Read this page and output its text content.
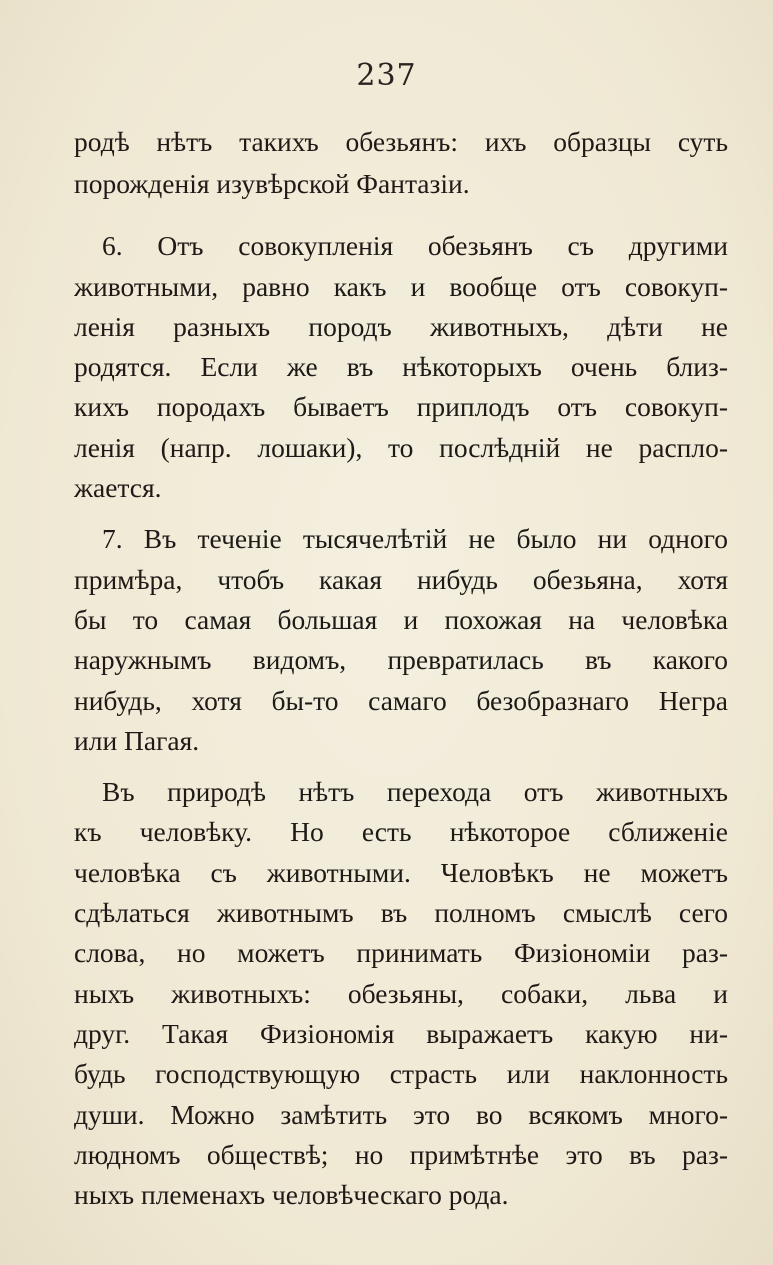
237
родѣ нѣтъ такихъ обезьянъ: ихъ образцы суть
порожденія изувѣрской Фантазіи.
6. Отъ совокупленія обезьянъ съ другими
животными, равно какъ и вообще отъ совокуп-
ленія разныхъ породъ животныхъ, дѣти не
родятся. Если же въ нѣкоторыхъ очень близ-
кихъ породахъ бываетъ приплодъ отъ совокуп-
ленія (напр. лошаки), то послѣдній не распло-
жается.
7. Въ теченіе тысячелѣтій не было ни одного
примѣра, чтобъ какая нибудь обезьяна, хотя
бы то самая большая и похожая на человѣка
наружнымъ видомъ, превратилась въ какого
нибудь, хотя бы-то самаго безобразнаго Негра
или Пагая.
Въ природѣ нѣтъ перехода отъ животныхъ
къ человѣку. Но есть нѣкоторое сближеніе
человѣка съ животными. Человѣкъ не можетъ
сдѣлаться животнымъ въ полномъ смыслѣ сего
слова, но можетъ принимать Физіономіи раз-
ныхъ животныхъ: обезьяны, собаки, льва и
друг. Такая Физіономія выражаетъ какую ни-
будь господствующую страсть или наклонность
души. Можно замѣтить это во всякомъ много-
людномъ обществѣ; но примѣтнѣе это въ раз-
ныхъ племенахъ человѣческаго рода.
